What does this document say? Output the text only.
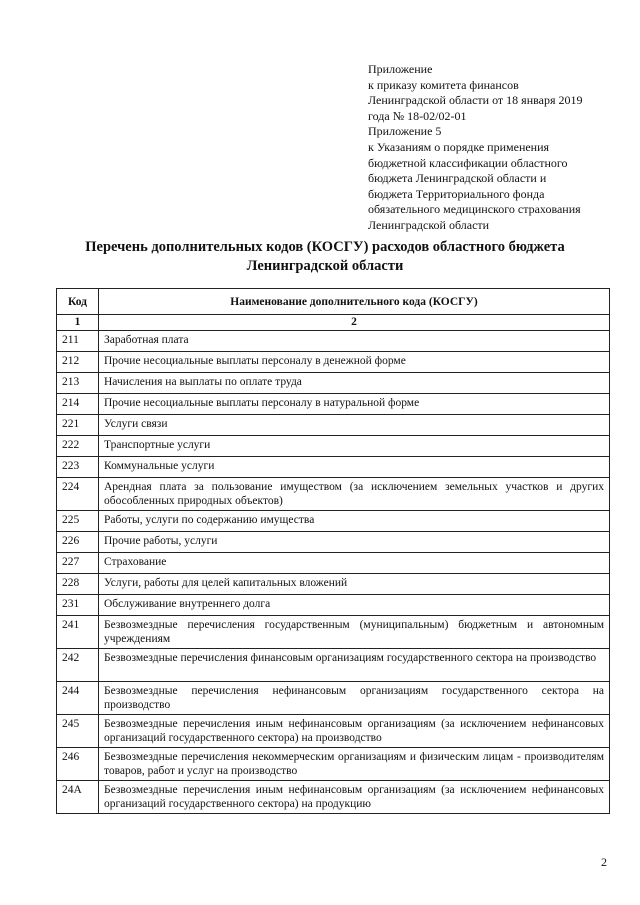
Приложение
к приказу комитета финансов
Ленинградской области от 18 января 2019
года № 18-02/02-01
Приложение 5
к Указаниям о порядке применения
бюджетной классификации областного
бюджета Ленинградской области и
бюджета Территориального фонда
обязательного медицинского страхования
Ленинградской области
Перечень дополнительных кодов (КОСГУ) расходов областного бюджета
Ленинградской области
Код	Наименование дополнительного кода (КОСГУ)
1	2
211	Заработная плата
212	Прочие несоциальные выплаты персоналу в денежной форме
213	Начисления на выплаты по оплате труда
214	Прочие несоциальные выплаты персоналу в натуральной форме
221	Услуги связи
222	Транспортные услуги
223	Коммунальные услуги
224	Арендная плата за пользование имуществом (за исключением земельных участков и других обособленных природных объектов)
225	Работы, услуги по содержанию имущества
226	Прочие работы, услуги
227	Страхование
228	Услуги, работы для целей капитальных вложений
231	Обслуживание внутреннего долга
241	Безвозмездные перечисления государственным (муниципальным) бюджетным и автономным учреждениям
242	Безвозмездные перечисления финансовым организациям государственного сектора на производство
244	Безвозмездные перечисления нефинансовым организациям государственного сектора на производство
245	Безвозмездные перечисления иным нефинансовым организациям (за исключением нефинансовых организаций государственного сектора) на производство
246	Безвозмездные перечисления некоммерческим организациям и физическим лицам - производителям товаров, работ и услуг на производство
24А	Безвозмездные перечисления иным нефинансовым организациям (за исключением нефинансовых организаций государственного сектора) на продукцию
2
